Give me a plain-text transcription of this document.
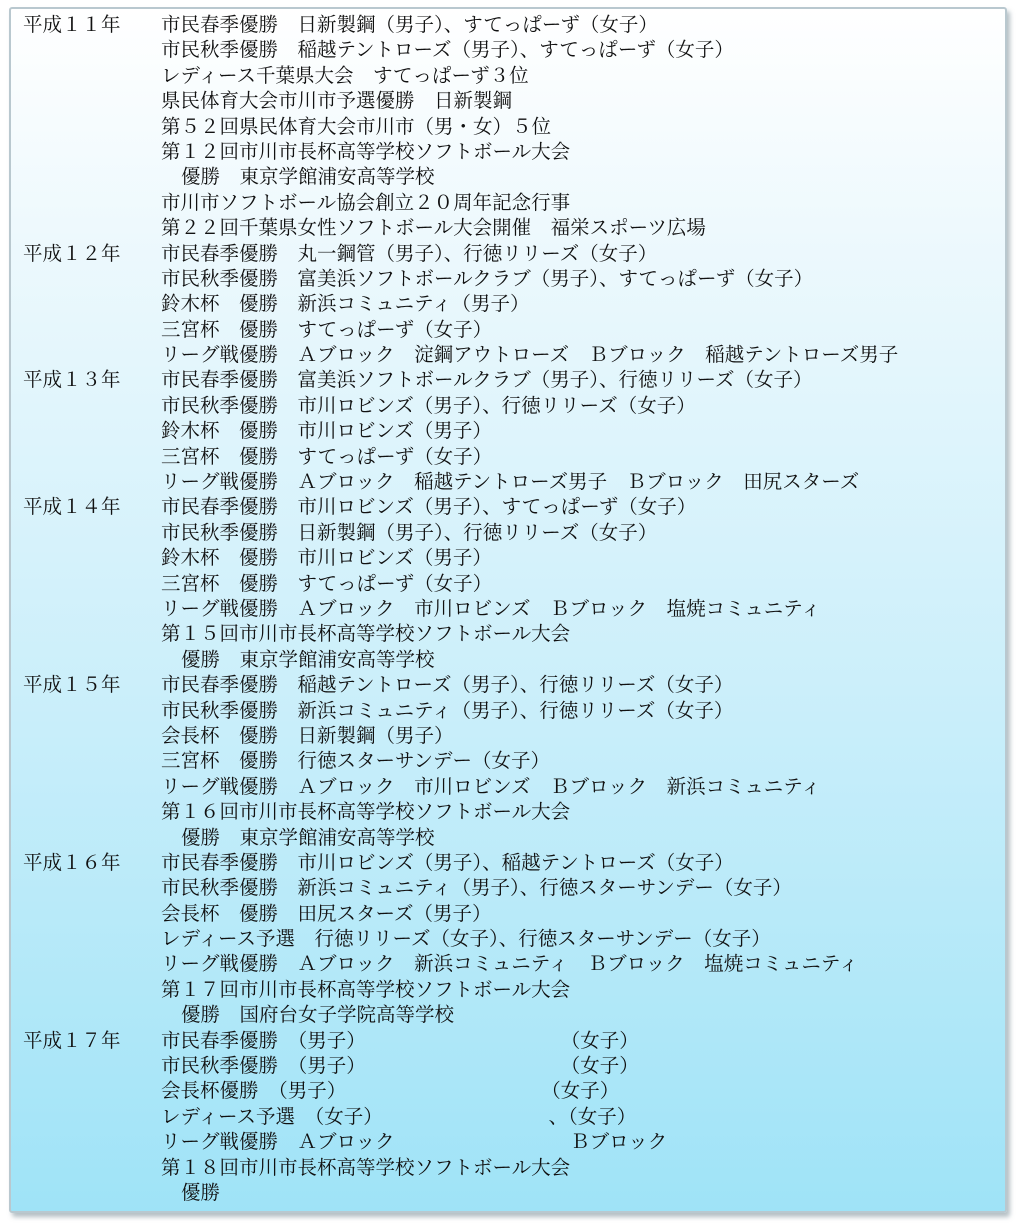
平成１１年 市民春季優勝　日新製鋼（男子）、すてっぱーず（女子）
市民秋季優勝　稲越テントローズ（男子）、すてっぱーず（女子）
レディース千葉県大会　すてっぱーず３位
県民体育大会市川市予選優勝　日新製鋼
第５２回県民体育大会市川市（男・女）５位
第１２回市川市長杯高等学校ソフトボール大会
優勝　東京学館浦安高等学校
市川市ソフトボール協会創立２０周年記念行事
第２２回千葉県女性ソフトボール大会開催　福栄スポーツ広場
平成１２年 市民春季優勝　丸一鋼管（男子）、行徳リリーズ（女子）
市民秋季優勝　富美浜ソフトボールクラブ（男子）、すてっぱーず（女子）
鈴木杯　優勝　新浜コミュニティ（男子）
三宮杯　優勝　すてっぱーず（女子）
リーグ戦優勝　Ａブロック　淀鋼アウトローズ　Ｂブロック　稲越テントローズ男子
平成１３年 市民春季優勝　富美浜ソフトボールクラブ（男子）、行徳リリーズ（女子）
市民秋季優勝　市川ロビンズ（男子）、行徳リリーズ（女子）
鈴木杯　優勝　市川ロビンズ（男子）
三宮杯　優勝　すてっぱーず（女子）
リーグ戦優勝　Ａブロック　稲越テントローズ男子　Ｂブロック　田尻スターズ
平成１４年 市民春季優勝　市川ロビンズ（男子）、すてっぱーず（女子）
市民秋季優勝　日新製鋼（男子）、行徳リリーズ（女子）
鈴木杯　優勝　市川ロビンズ（男子）
三宮杯　優勝　すてっぱーず（女子）
リーグ戦優勝　Ａブロック　市川ロビンズ　Ｂブロック　塩焼コミュニティ
第１５回市川市長杯高等学校ソフトボール大会
優勝　東京学館浦安高等学校
平成１５年 市民春季優勝　稲越テントローズ（男子）、行徳リリーズ（女子）
市民秋季優勝　新浜コミュニティ（男子）、行徳リリーズ（女子）
会長杯　優勝　日新製鋼（男子）
三宮杯　優勝　行徳スターサンデー（女子）
リーグ戦優勝　Ａブロック　市川ロビンズ　Ｂブロック　新浜コミュニティ
第１６回市川市長杯高等学校ソフトボール大会
優勝　東京学館浦安高等学校
平成１６年 市民春季優勝　市川ロビンズ（男子）、稲越テントローズ（女子）
市民秋季優勝　新浜コミュニティ（男子）、行徳スターサンデー（女子）
会長杯　優勝　田尻スターズ（男子）
レディース予選　行徳リリーズ（女子）、行徳スターサンデー（女子）
リーグ戦優勝　Ａブロック　新浜コミュニティ　Ｂブロック　塩焼コミュニティ
第１７回市川市長杯高等学校ソフトボール大会
優勝　国府台女子学院高等学校
平成１７年 市民春季優勝　（男子）　　　　　　　　　　　（女子）
市民秋季優勝　（男子）　　　　　　　　　　　（女子）
会長杯優勝　（男子）　　　　　　　　　　　（女子）
レディース予選　（女子）　　　　　　　　　、（女子）
リーグ戦優勝　Ａブロック　　　　　　　　　Ｂブロック
第１８回市川市長杯高等学校ソフトボール大会
優勝
